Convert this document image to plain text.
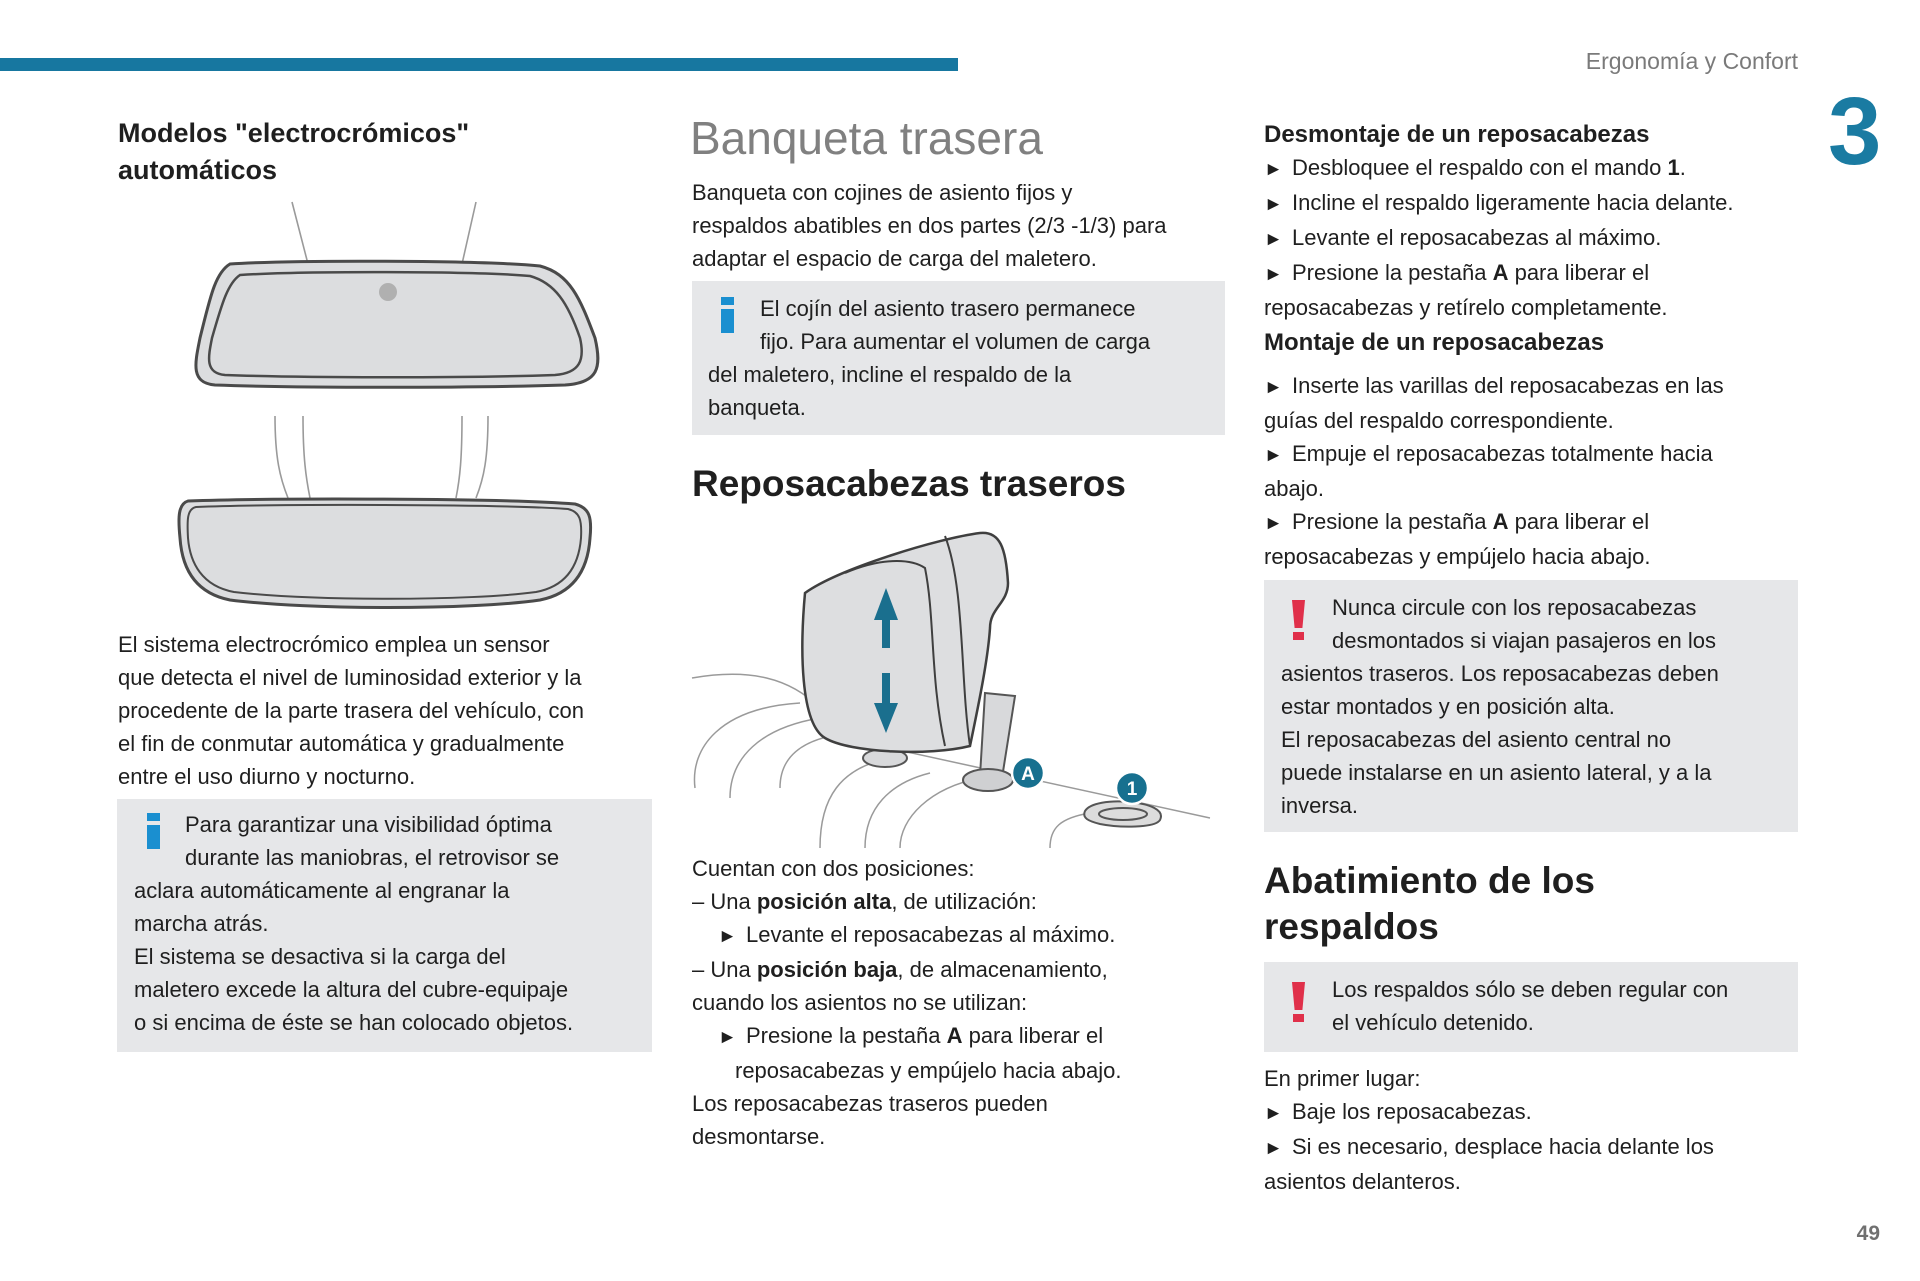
Ergonomía y Confort
3
Modelos "electrocrómicos"
automáticos

El sistema electrocrómico emplea un sensor

que detecta el nivel de luminosidad exterior y la

procedente de la parte trasera del vehículo, con

el fin de conmutar automática y gradualmente

entre el uso diurno y nocturno.

Para garantizar una visibilidad óptima

durante las maniobras, el retrovisor se

aclara automáticamente al engranar la

marcha atrás.

El sistema se desactiva si la carga del

maletero excede la altura del cubre-equipaje

o si encima de éste se han colocado objetos.

Banqueta trasera

Banqueta con cojines de asiento fijos y

respaldos abatibles en dos partes (2/3 -1/3) para

adaptar el espacio de carga del maletero.

El cojín del asiento trasero permanece

fijo. Para aumentar el volumen de carga

del maletero, incline el respaldo de la

banqueta.

Reposacabezas traseros
A
1

Cuentan con dos posiciones:

– Una posición alta, de utilización:

► Levante el reposacabezas al máximo.

– Una posición baja, de almacenamiento,

cuando los asientos no se utilizan:

► Presione la pestaña A para liberar el

reposacabezas y empújelo hacia abajo.

Los reposacabezas traseros pueden

desmontarse.

Desmontaje de un reposacabezas

► Desbloquee el respaldo con el mando 1.

► Incline el respaldo ligeramente hacia delante.

► Levante el reposacabezas al máximo.

► Presione la pestaña A para liberar el

reposacabezas y retírelo completamente.

Montaje de un reposacabezas

► Inserte las varillas del reposacabezas en las

guías del respaldo correspondiente.

► Empuje el reposacabezas totalmente hacia

abajo.

► Presione la pestaña A para liberar el

reposacabezas y empújelo hacia abajo.

Nunca circule con los reposacabezas

desmontados si viajan pasajeros en los

asientos traseros. Los reposacabezas deben

estar montados y en posición alta.

El reposacabezas del asiento central no

puede instalarse en un asiento lateral, y a la

inversa.

Abatimiento de los
respaldos

Los respaldos sólo se deben regular con

el vehículo detenido.

En primer lugar:

► Baje los reposacabezas.

► Si es necesario, desplace hacia delante los

asientos delanteros.

49
